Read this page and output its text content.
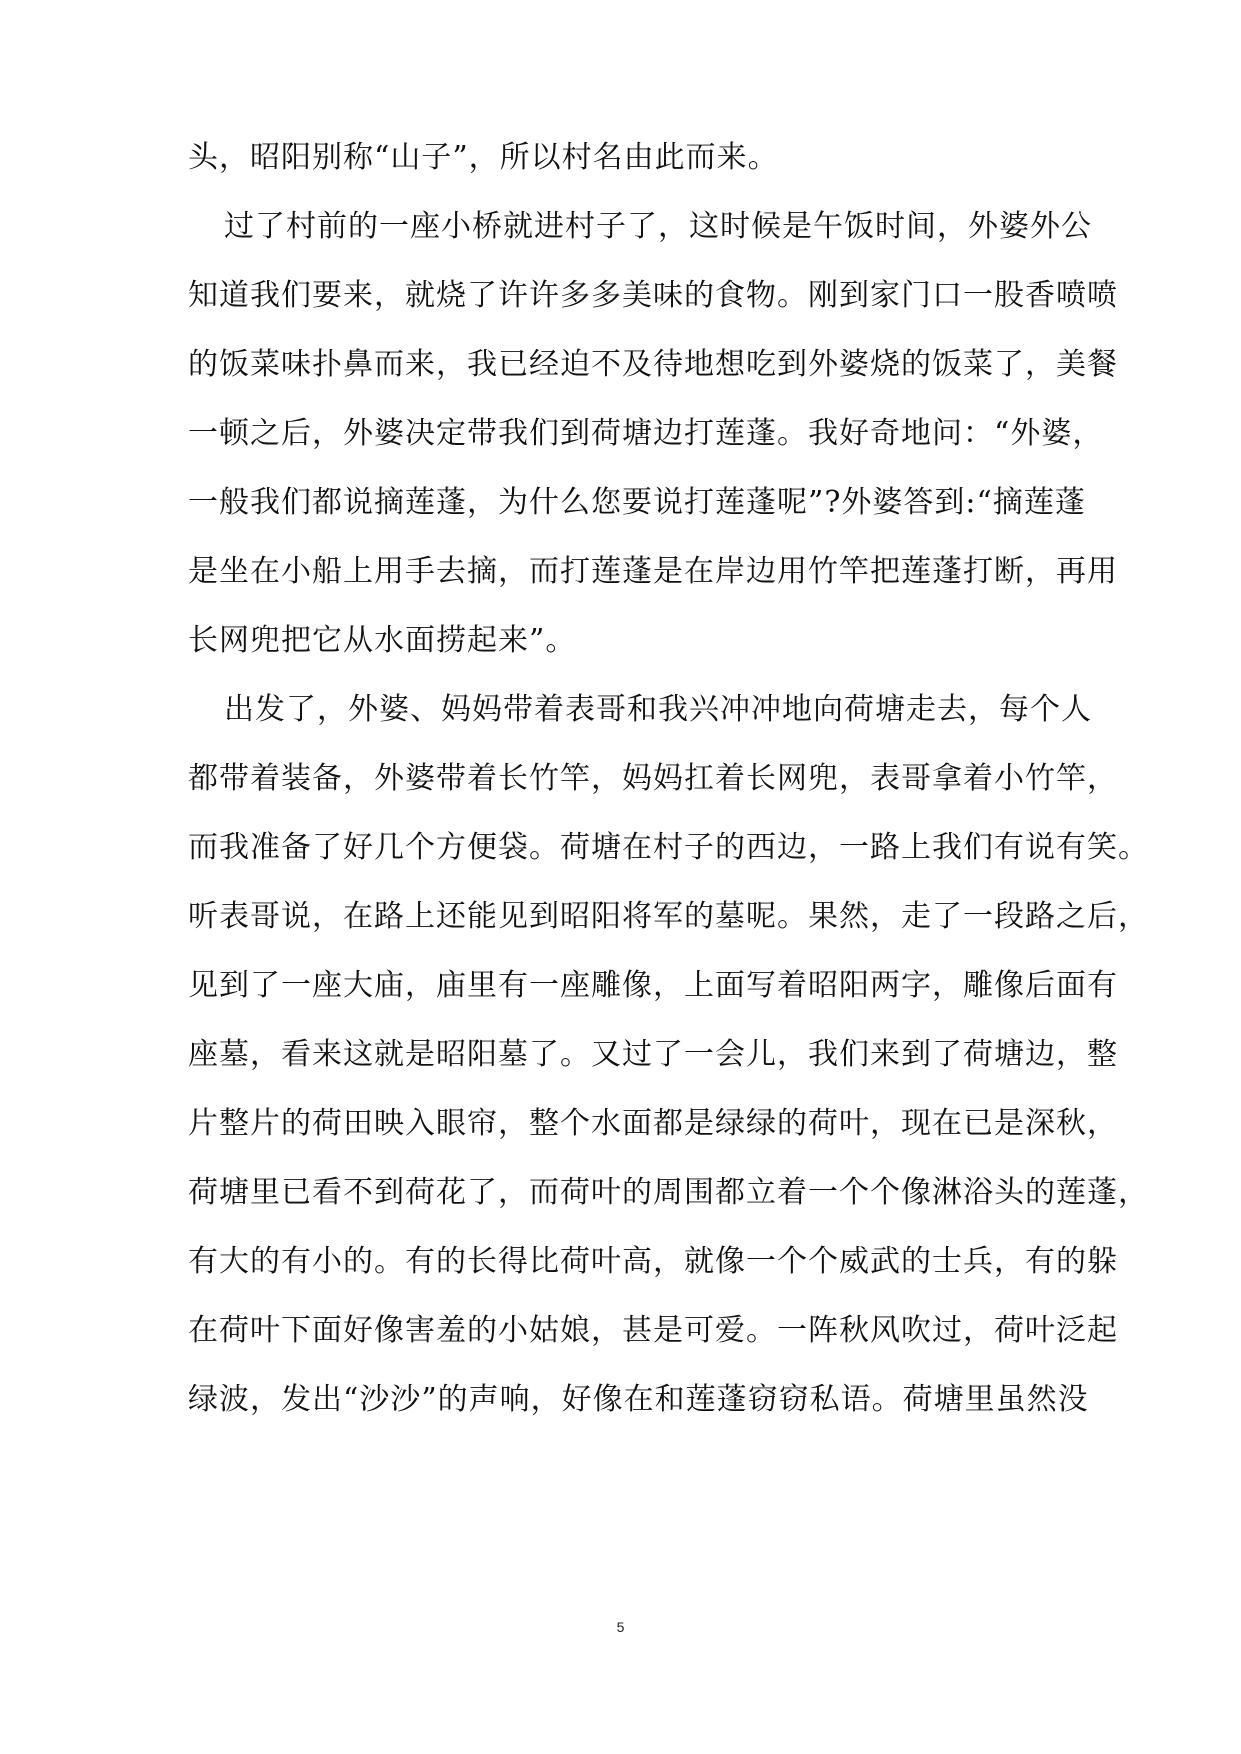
头，昭阳别称“山子”，所以村名由此而来。
过了村前的一座小桥就进村子了，这时候是午饭时间，外婆外公
知道我们要来，就烧了许许多多美味的食物。刚到家门口一股香喷喷
的饭菜味扑鼻而来，我已经迫不及待地想吃到外婆烧的饭菜了，美餐
一顿之后，外婆决定带我们到荷塘边打莲蓬。我好奇地问：“外婆，
一般我们都说摘莲蓬，为什么您要说打莲蓬呢”?外婆答到:“摘莲蓬
是坐在小船上用手去摘，而打莲蓬是在岸边用竹竿把莲蓬打断，再用
长网兜把它从水面捞起来”。
出发了，外婆、妈妈带着表哥和我兴冲冲地向荷塘走去，每个人
都带着装备，外婆带着长竹竿，妈妈扛着长网兜，表哥拿着小竹竿，
而我准备了好几个方便袋。荷塘在村子的西边，一路上我们有说有笑。
听表哥说，在路上还能见到昭阳将军的墓呢。果然，走了一段路之后，
见到了一座大庙，庙里有一座雕像，上面写着昭阳两字，雕像后面有
座墓，看来这就是昭阳墓了。又过了一会儿，我们来到了荷塘边，整
片整片的荷田映入眼帘，整个水面都是绿绿的荷叶，现在已是深秋，
荷塘里已看不到荷花了，而荷叶的周围都立着一个个像淋浴头的莲蓬，
有大的有小的。有的长得比荷叶高，就像一个个威武的士兵，有的躲
在荷叶下面好像害羞的小姑娘，甚是可爱。一阵秋风吹过，荷叶泛起
绿波，发出“沙沙”的声响，好像在和莲蓬窃窃私语。荷塘里虽然没
5
